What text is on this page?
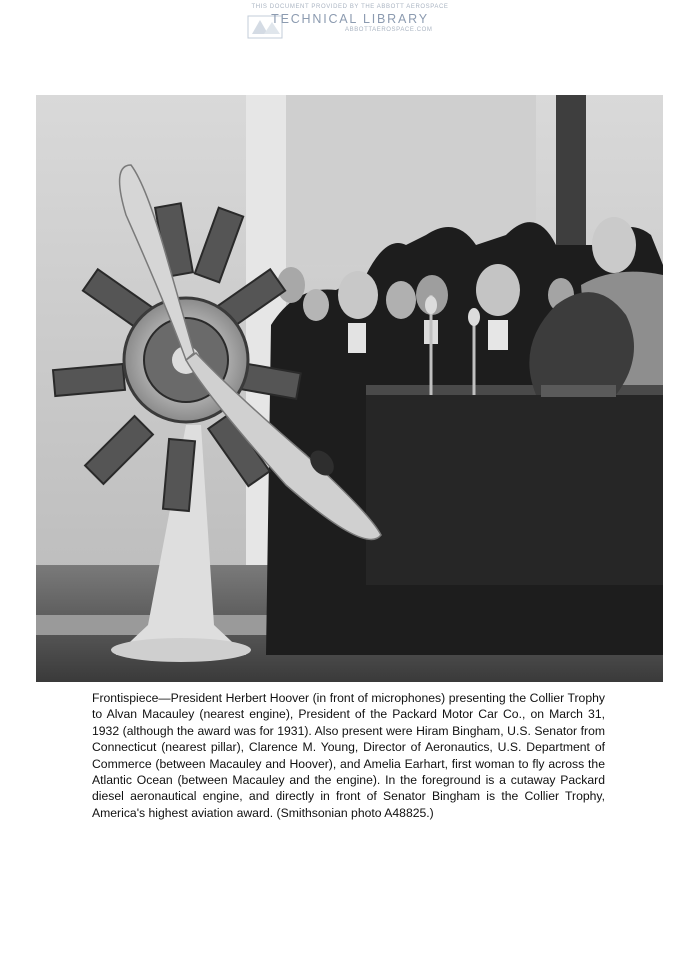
THIS DOCUMENT PROVIDED BY THE ABBOTT AEROSPACE
TECHNICAL LIBRARY
ABBOTTAEROSPACE.COM
Frontispiece—President Herbert Hoover (in front of microphones) presenting the Collier Trophy to Alvan Macauley (nearest engine), President of the Packard Motor Car Co., on March 31, 1932 (although the award was for 1931). Also present were Hiram Bingham, U.S. Senator from Connecticut (nearest pillar), Clarence M. Young, Director of Aeronautics, U.S. Department of Commerce (between Macauley and Hoover), and Amelia Earhart, first woman to fly across the Atlantic Ocean (between Macauley and the engine). In the foreground is a cutaway Packard diesel aeronautical engine, and directly in front of Senator Bingham is the Collier Trophy, America's highest aviation award. (Smithsonian photo A48825.)
